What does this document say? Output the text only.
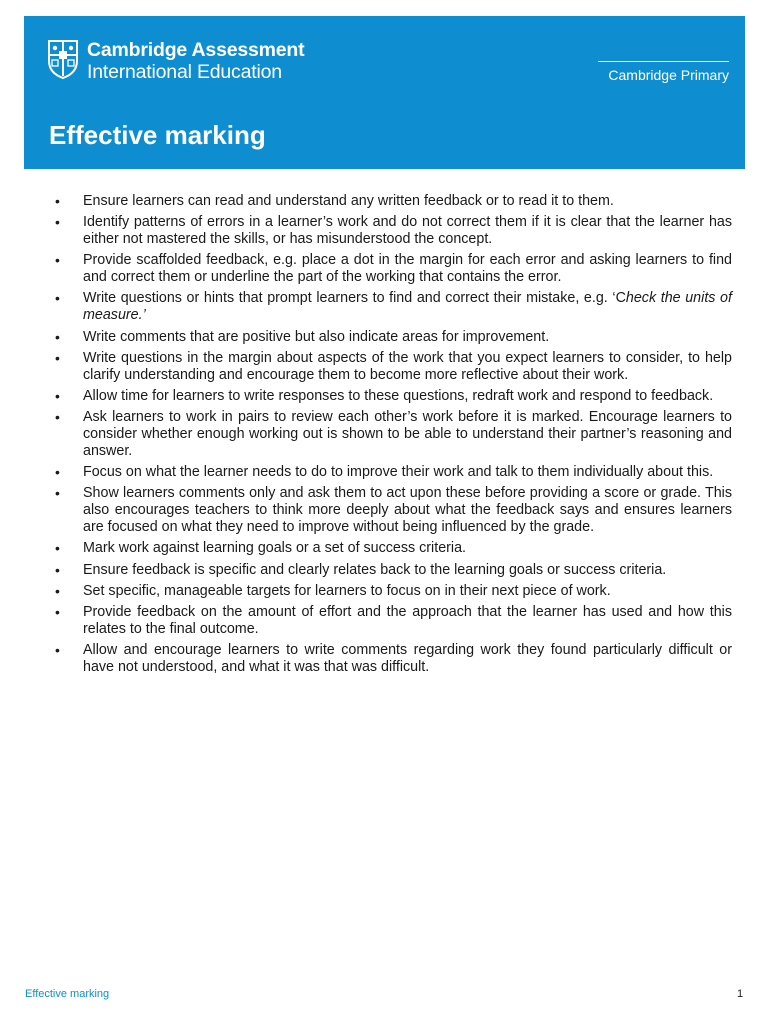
Cambridge Assessment
International Education	Cambridge Primary
Effective marking
• Ensure learners can read and understand any written feedback or to read it to them.
• Identify patterns of errors in a learner’s work and do not correct them if it is clear that the learner has either not mastered the skills, or has misunderstood the concept.
• Provide scaffolded feedback, e.g. place a dot in the margin for each error and asking learners to find and correct them or underline the part of the working that contains the error.
• Write questions or hints that prompt learners to find and correct their mistake, e.g. ‘Check the units of measure.’
• Write comments that are positive but also indicate areas for improvement.
• Write questions in the margin about aspects of the work that you expect learners to consider, to help clarify understanding and encourage them to become more reflective about their work.
• Allow time for learners to write responses to these questions, redraft work and respond to feedback.
• Ask learners to work in pairs to review each other’s work before it is marked. Encourage learners to consider whether enough working out is shown to be able to understand their partner’s reasoning and answer.
• Focus on what the learner needs to do to improve their work and talk to them individually about this.
• Show learners comments only and ask them to act upon these before providing a score or grade. This also encourages teachers to think more deeply about what the feedback says and ensures learners are focused on what they need to improve without being influenced by the grade.
• Mark work against learning goals or a set of success criteria.
• Ensure feedback is specific and clearly relates back to the learning goals or success criteria.
• Set specific, manageable targets for learners to focus on in their next piece of work.
• Provide feedback on the amount of effort and the approach that the learner has used and how this relates to the final outcome.
• Allow and encourage learners to write comments regarding work they found particularly difficult or have not understood, and what it was that was difficult.
Effective marking	1
